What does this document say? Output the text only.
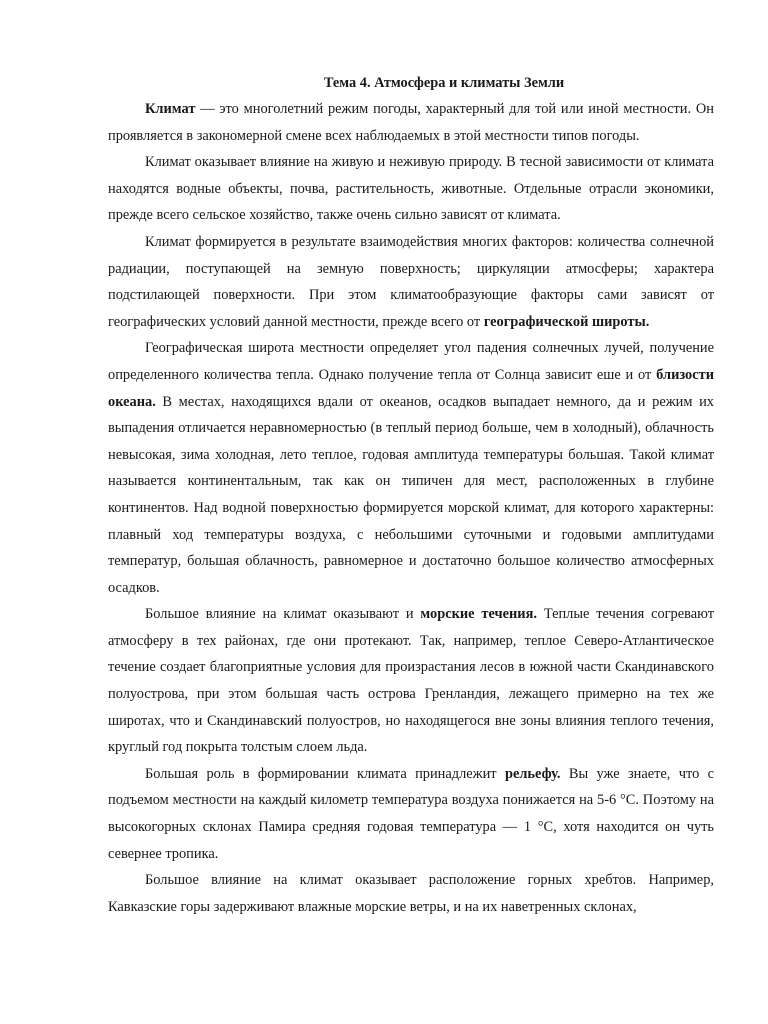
Тема 4. Атмосфера и климаты Земли

Климат — это многолетний режим погоды, характерный для той или иной местности. Он проявляется в закономерной смене всех наблюдаемых в этой местности типов погоды.

Климат оказывает влияние на живую и неживую природу. В тесной зависимости от климата находятся водные объекты, почва, растительность, животные. Отдельные отрасли экономики, прежде всего сельское хозяйство, также очень сильно зависят от климата.

Климат формируется в результате взаимодействия многих факторов: количества солнечной радиации, поступающей на земную поверхность; циркуляции атмосферы; характера подстилающей поверхности. При этом климатообразующие факторы сами зависят от географических условий данной местности, прежде всего от географической широты.

Географическая широта местности определяет угол падения солнечных лучей, получение определенного количества тепла. Однако получение тепла от Солнца зависит еше и от близости океана. В местах, находящихся вдали от океанов, осадков выпадает немного, да и режим их выпадения отличается неравномерностью (в теплый период больше, чем в холодный), облачность невысокая, зима холодная, лето теплое, годовая амплитуда температуры большая. Такой климат называется континентальным, так как он типичен для мест, расположенных в глубине континентов. Над водной поверхностью формируется морской климат, для которого характерны: плавный ход температуры воздуха, с небольшими суточными и годовыми амплитудами температур, большая облачность, равномерное и достаточно большое количество атмосферных осадков.

Большое влияние на климат оказывают и морские течения. Теплые течения согревают атмосферу в тех районах, где они протекают. Так, например, теплое Северо-Атлантическое течение создает благоприятные условия для произрастания лесов в южной части Скандинавского полуострова, при этом большая часть острова Гренландия, лежащего примерно на тех же широтах, что и Скандинавский полуостров, но находящегося вне зоны влияния теплого течения, круглый год покрыта толстым слоем льда.

Большая роль в формировании климата принадлежит рельефу. Вы уже знаете, что с подъемом местности на каждый километр температура воздуха понижается на 5-6 °С. Поэтому на высокогорных склонах Памира средняя годовая температура — 1 °С, хотя находится он чуть севернее тропика.

Большое влияние на климат оказывает расположение горных хребтов. Например, Кавказские горы задерживают влажные морские ветры, и на их наветренных склонах,
